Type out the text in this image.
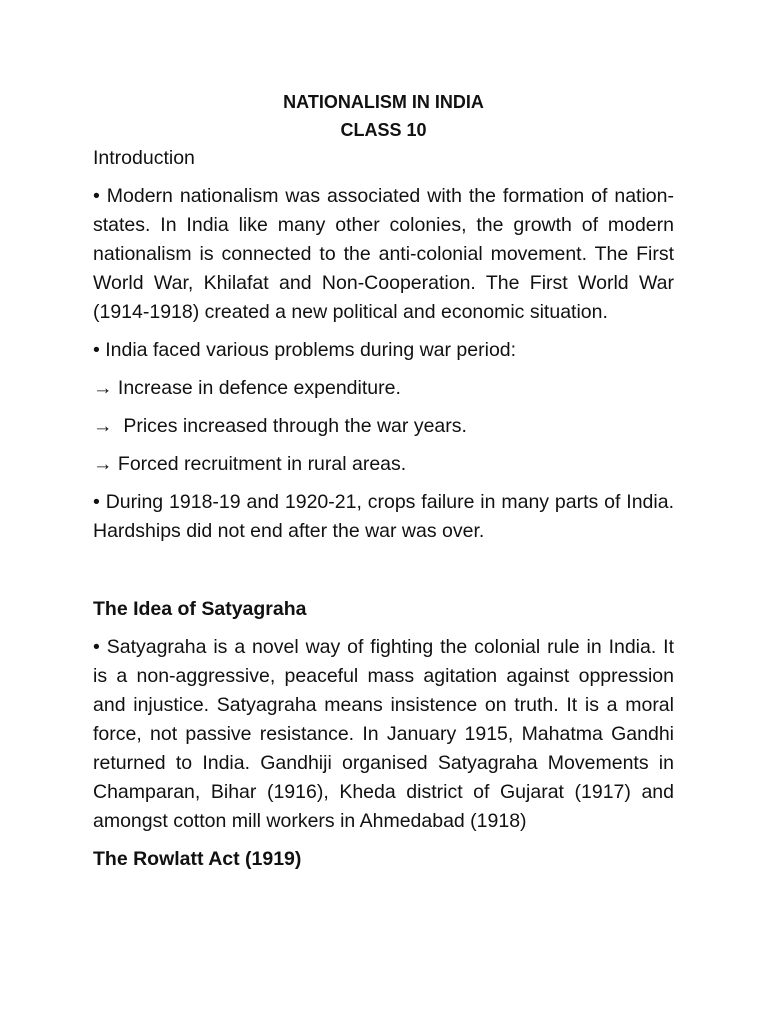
NATIONALISM IN INDIA

CLASS 10

Introduction

• Modern nationalism was associated with the formation of nation-states. In India like many other colonies, the growth of modern nationalism is connected to the anti-colonial movement. The First World War, Khilafat and Non-Cooperation. The First World War (1914-1918) created a new political and economic situation.

• India faced various problems during war period:

→ Increase in defence expenditure.

→  Prices increased through the war years.

→ Forced recruitment in rural areas.

• During 1918-19 and 1920-21, crops failure in many parts of India. Hardships did not end after the war was over.

The Idea of Satyagraha

• Satyagraha is a novel way of fighting the colonial rule in India. It is a non-aggressive, peaceful mass agitation against oppression and injustice. Satyagraha means insistence on truth. It is a moral force, not passive resistance. In January 1915, Mahatma Gandhi returned to India. Gandhiji organised Satyagraha Movements in Champaran, Bihar (1916), Kheda district of Gujarat (1917) and amongst cotton mill workers in Ahmedabad (1918)

The Rowlatt Act (1919)
